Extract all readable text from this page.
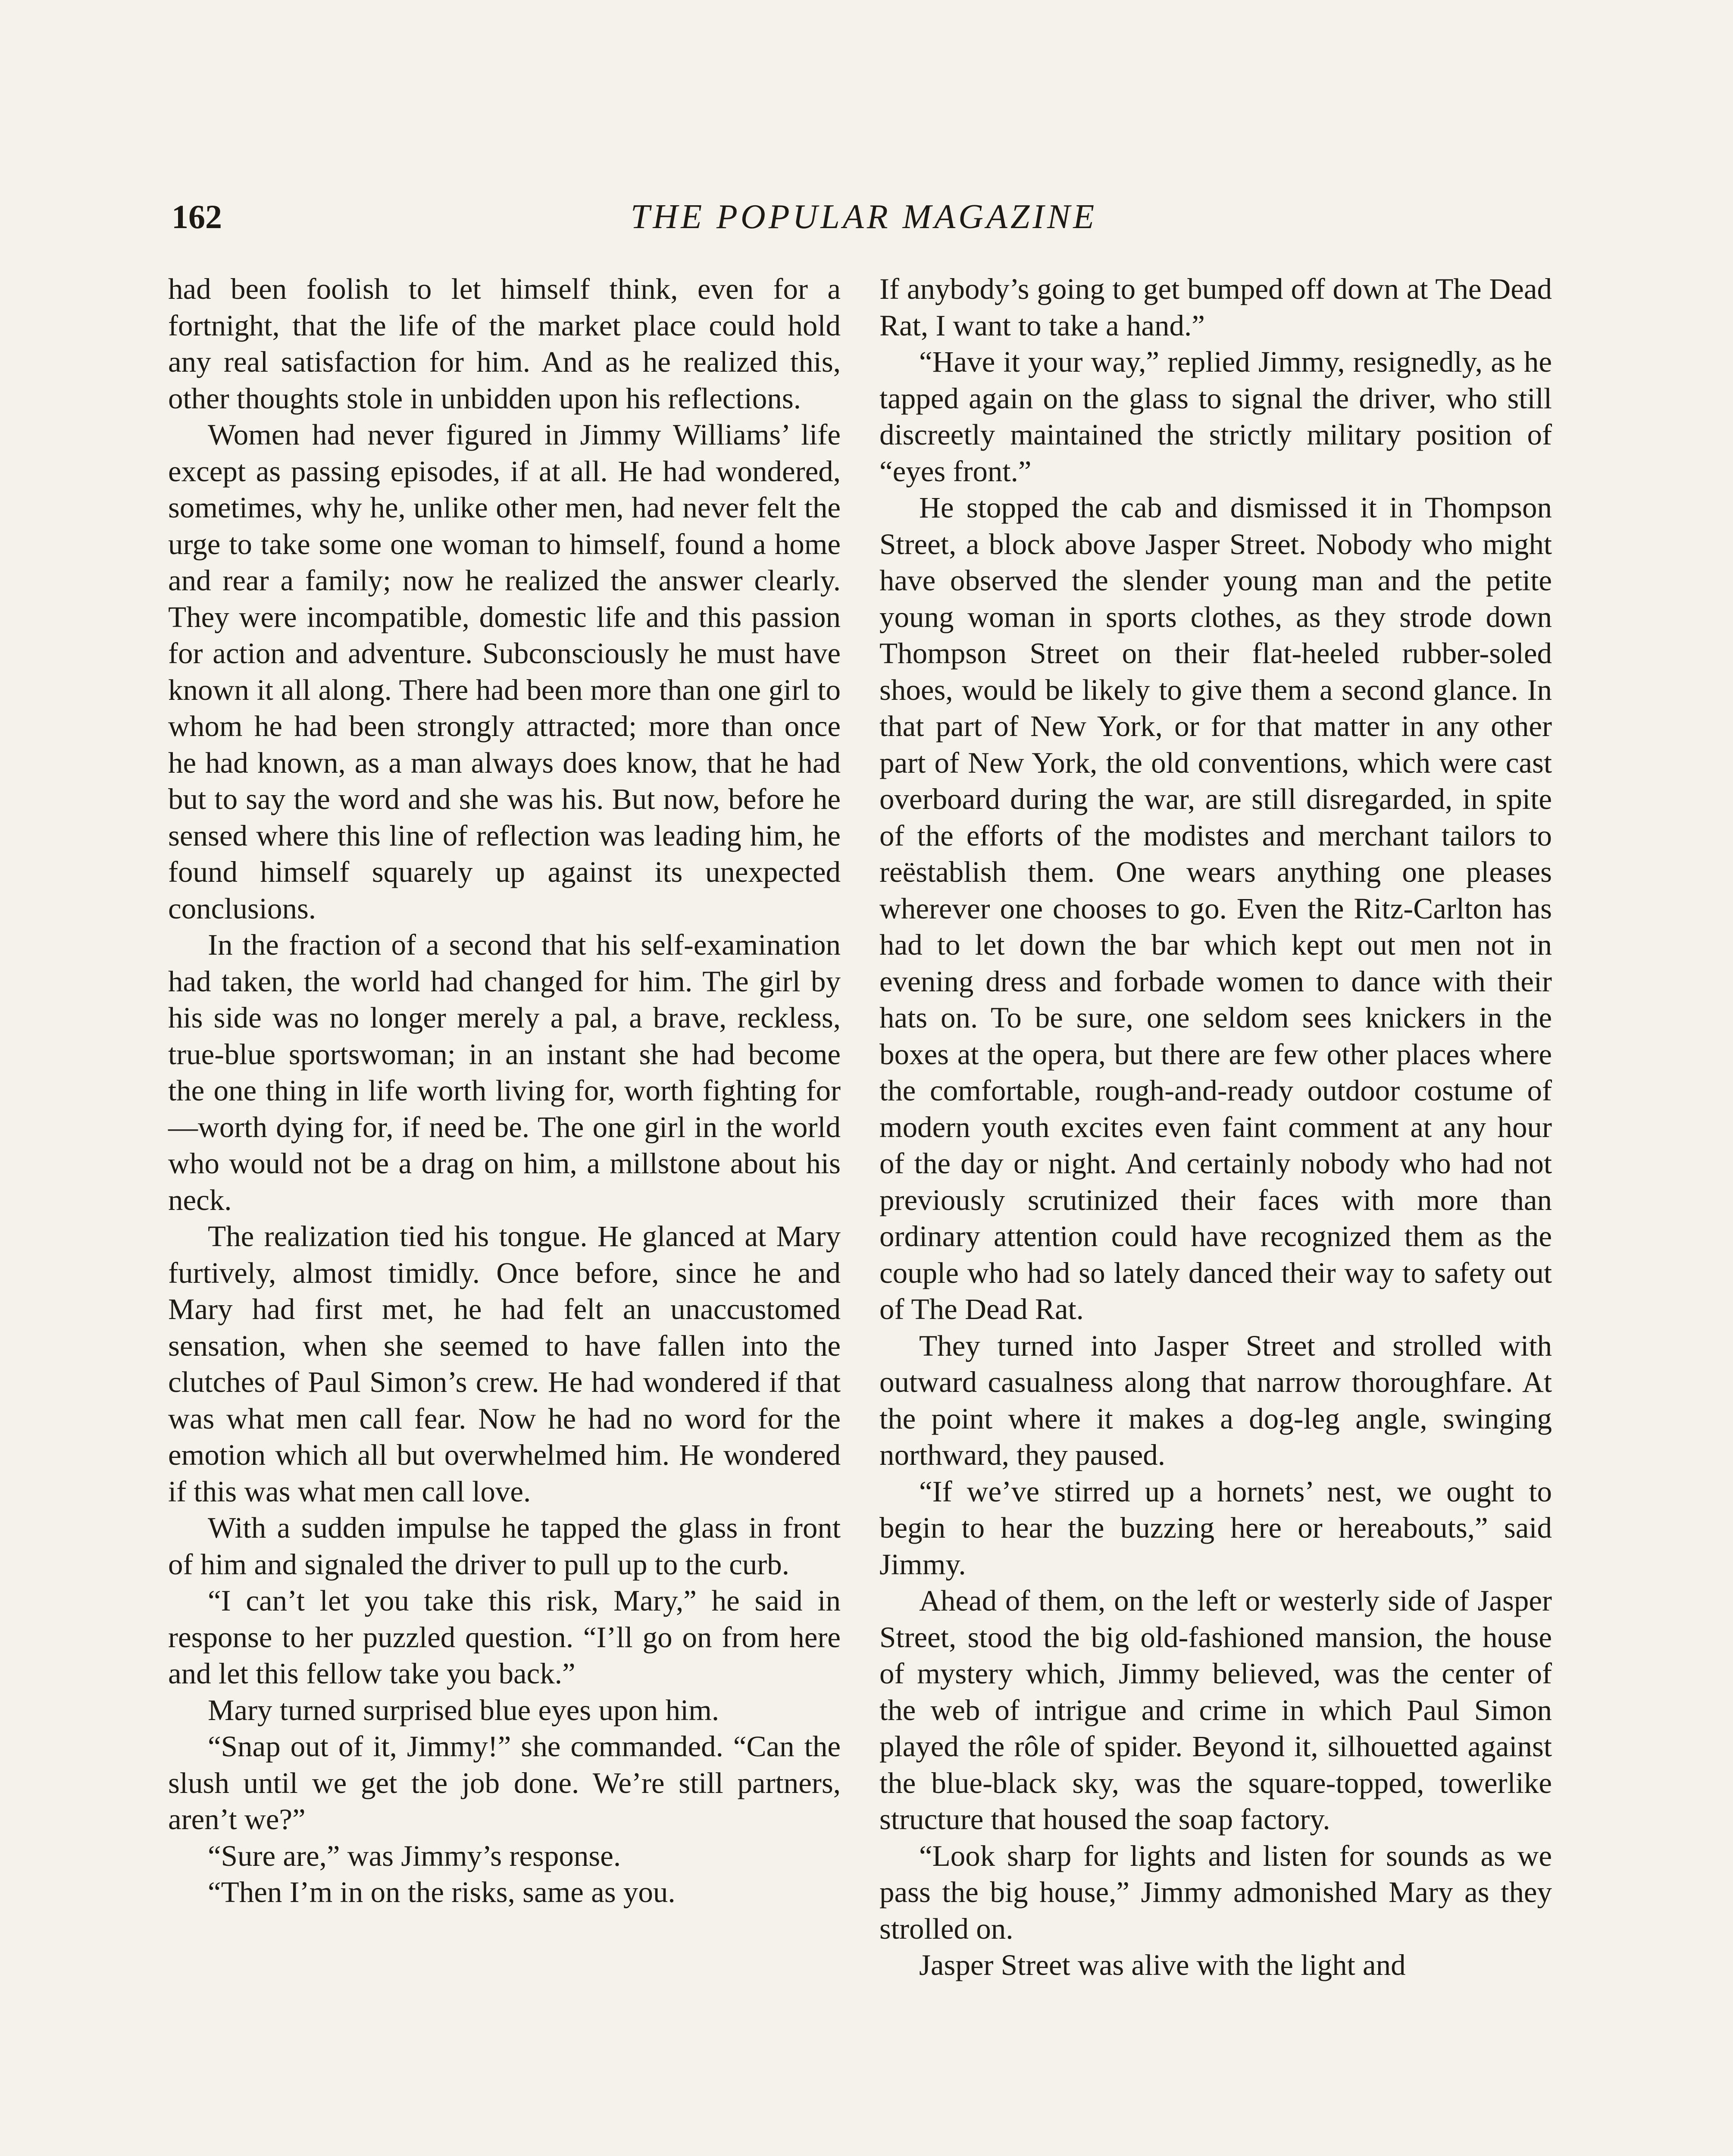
162	THE POPULAR MAGAZINE

had been foolish to let himself think, even for a fortnight, that the life of the market place could hold any real satisfaction for him. And as he realized this, other thoughts stole in unbidden upon his reflections.

Women had never figured in Jimmy Williams’ life except as passing episodes, if at all. He had wondered, sometimes, why he, unlike other men, had never felt the urge to take some one woman to himself, found a home and rear a family; now he realized the answer clearly. They were incompatible, domestic life and this passion for action and adventure. Subconsciously he must have known it all along. There had been more than one girl to whom he had been strongly attracted; more than once he had known, as a man always does know, that he had but to say the word and she was his. But now, before he sensed where this line of reflection was leading him, he found himself squarely up against its unexpected conclusions.

In the fraction of a second that his self-examination had taken, the world had changed for him. The girl by his side was no longer merely a pal, a brave, reckless, true-blue sportswoman; in an instant she had become the one thing in life worth living for, worth fighting for—worth dying for, if need be. The one girl in the world who would not be a drag on him, a millstone about his neck.

The realization tied his tongue. He glanced at Mary furtively, almost timidly. Once before, since he and Mary had first met, he had felt an unaccustomed sensation, when she seemed to have fallen into the clutches of Paul Simon’s crew. He had wondered if that was what men call fear. Now he had no word for the emotion which all but overwhelmed him. He wondered if this was what men call love.

With a sudden impulse he tapped the glass in front of him and signaled the driver to pull up to the curb.

“I can’t let you take this risk, Mary,” he said in response to her puzzled question. “I’ll go on from here and let this fellow take you back.”

Mary turned surprised blue eyes upon him.

“Snap out of it, Jimmy!” she commanded. “Can the slush until we get the job done. We’re still partners, aren’t we?”

“Sure are,” was Jimmy’s response.

“Then I’m in on the risks, same as you.

If anybody’s going to get bumped off down at The Dead Rat, I want to take a hand.”

“Have it your way,” replied Jimmy, resignedly, as he tapped again on the glass to signal the driver, who still discreetly maintained the strictly military position of “eyes front.”

He stopped the cab and dismissed it in Thompson Street, a block above Jasper Street. Nobody who might have observed the slender young man and the petite young woman in sports clothes, as they strode down Thompson Street on their flat-heeled rubber-soled shoes, would be likely to give them a second glance. In that part of New York, or for that matter in any other part of New York, the old conventions, which were cast overboard during the war, are still disregarded, in spite of the efforts of the modistes and merchant tailors to reëstablish them. One wears anything one pleases wherever one chooses to go. Even the Ritz-Carlton has had to let down the bar which kept out men not in evening dress and forbade women to dance with their hats on. To be sure, one seldom sees knickers in the boxes at the opera, but there are few other places where the comfortable, rough-and-ready outdoor costume of modern youth excites even faint comment at any hour of the day or night. And certainly nobody who had not previously scrutinized their faces with more than ordinary attention could have recognized them as the couple who had so lately danced their way to safety out of The Dead Rat.

They turned into Jasper Street and strolled with outward casualness along that narrow thoroughfare. At the point where it makes a dog-leg angle, swinging northward, they paused.

“If we’ve stirred up a hornets’ nest, we ought to begin to hear the buzzing here or hereabouts,” said Jimmy.

Ahead of them, on the left or westerly side of Jasper Street, stood the big old-fashioned mansion, the house of mystery which, Jimmy believed, was the center of the web of intrigue and crime in which Paul Simon played the rôle of spider. Beyond it, silhouetted against the blue-black sky, was the square-topped, towerlike structure that housed the soap factory.

“Look sharp for lights and listen for sounds as we pass the big house,” Jimmy admonished Mary as they strolled on.

Jasper Street was alive with the light and
